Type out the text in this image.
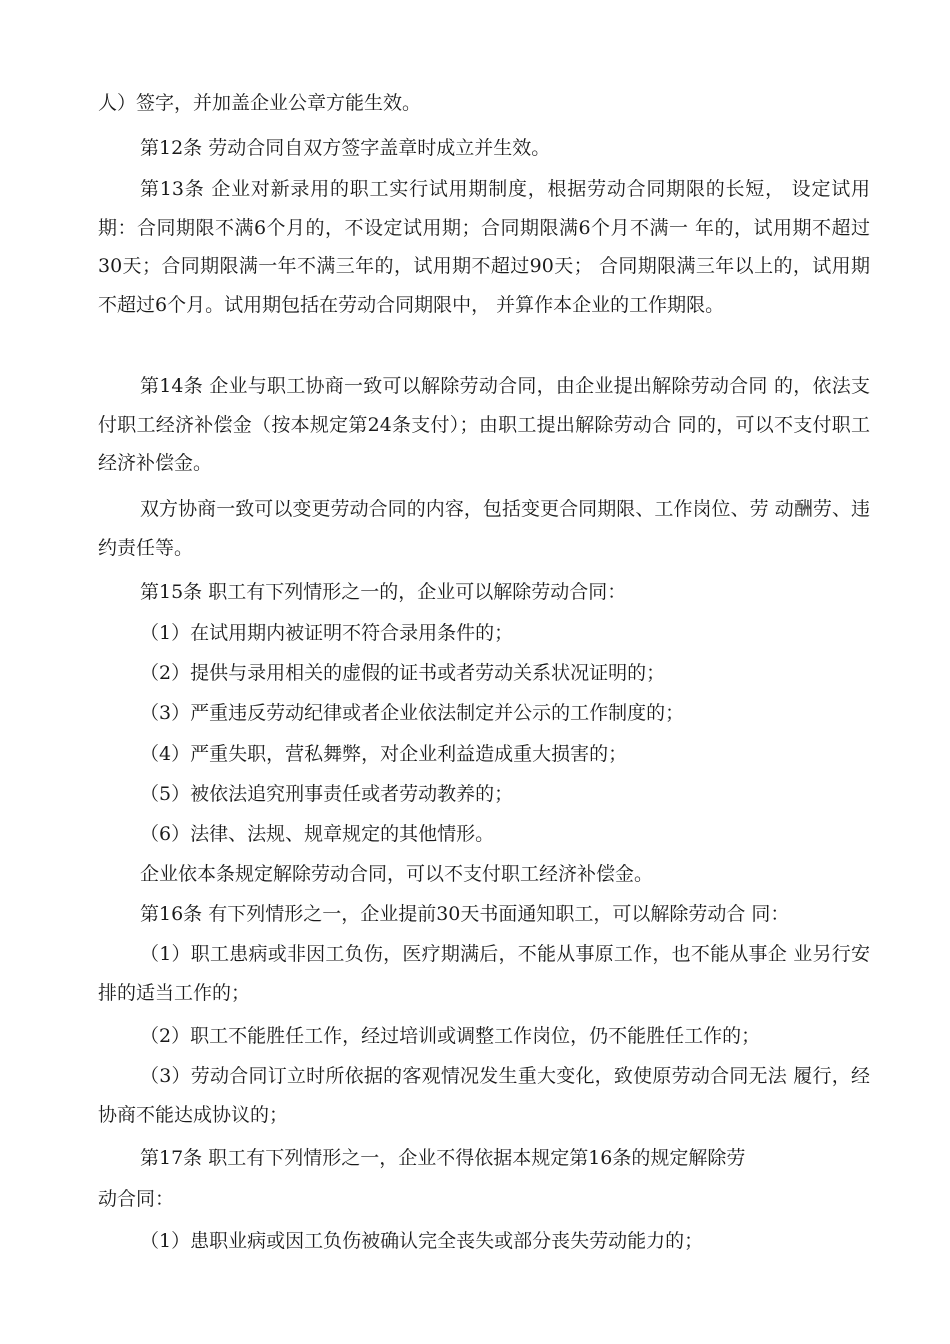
人）签字，并加盖企业公章方能生效。

第12条 劳动合同自双方签字盖章时成立并生效。

第13条 企业对新录用的职工实行试用期制度，根据劳动合同期限的长短， 设定试用期：合同期限不满6个月的，不设定试用期；合同期限满6个月不满一 年的，试用期不超过30天；合同期限满一年不满三年的，试用期不超过90天； 合同期限满三年以上的，试用期不超过6个月。试用期包括在劳动合同期限中， 并算作本企业的工作期限。

第14条 企业与职工协商一致可以解除劳动合同，由企业提出解除劳动合同 的，依法支付职工经济补偿金（按本规定第24条支付）；由职工提出解除劳动合 同的，可以不支付职工经济补偿金。

双方协商一致可以变更劳动合同的内容，包括变更合同期限、工作岗位、劳 动酬劳、违约责任等。

第15条 职工有下列情形之一的，企业可以解除劳动合同：

（1）在试用期内被证明不符合录用条件的；

（2）提供与录用相关的虚假的证书或者劳动关系状况证明的；

（3）严重违反劳动纪律或者企业依法制定并公示的工作制度的；

（4）严重失职，营私舞弊，对企业利益造成重大损害的；

（5）被依法追究刑事责任或者劳动教养的；

（6）法律、法规、规章规定的其他情形。

企业依本条规定解除劳动合同，可以不支付职工经济补偿金。

第16条 有下列情形之一，企业提前30天书面通知职工，可以解除劳动合 同：

（1）职工患病或非因工负伤，医疗期满后，不能从事原工作，也不能从事企 业另行安排的适当工作的；

（2）职工不能胜任工作，经过培训或调整工作岗位，仍不能胜任工作的；

（3）劳动合同订立时所依据的客观情况发生重大变化，致使原劳动合同无法 履行，经协商不能达成协议的；

第17条 职工有下列情形之一，企业不得依据本规定第16条的规定解除劳

动合同：

（1）患职业病或因工负伤被确认完全丧失或部分丧失劳动能力的；
